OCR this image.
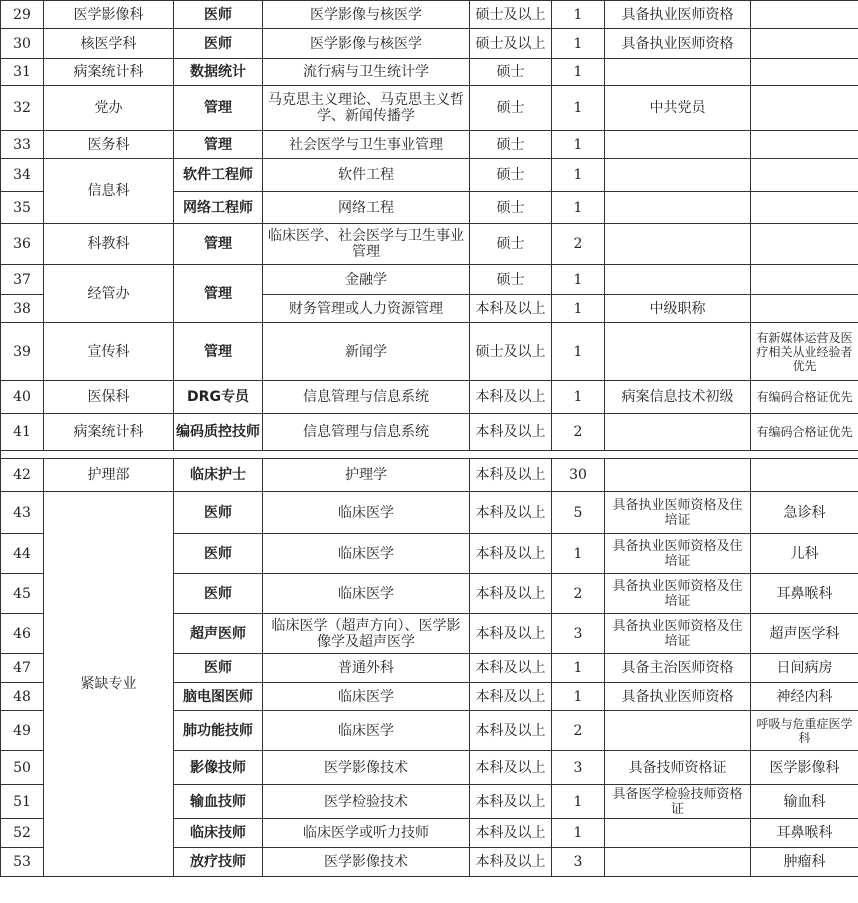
29	医学影像科	医师	医学影像与核医学	硕士及以上	1	具备执业医师资格	
30	核医学科	医师	医学影像与核医学	硕士及以上	1	具备执业医师资格	
31	病案统计科	数据统计	流行病与卫生统计学	硕士	1		
32	党办	管理	马克思主义理论、马克思主义哲学、新闻传播学	硕士	1	中共党员	
33	医务科	管理	社会医学与卫生事业管理	硕士	1		
34	信息科	软件工程师	软件工程	硕士	1		
35		网络工程师	网络工程	硕士	1		
36	科教科	管理	临床医学、社会医学与卫生事业管理	硕士	2		
37	经管办	管理	金融学	硕士	1		
38			财务管理或人力资源管理	本科及以上	1	中级职称	
39	宣传科	管理	新闻学	硕士及以上	1		有新媒体运营及医疗相关从业经验者优先
40	医保科	DRG专员	信息管理与信息系统	本科及以上	1	病案信息技术初级	有编码合格证优先
41	病案统计科	编码质控技师	信息管理与信息系统	本科及以上	2		有编码合格证优先

42	护理部	临床护士	护理学	本科及以上	30		
43	紧缺专业	医师	临床医学	本科及以上	5	具备执业医师资格及住培证	急诊科
44		医师	临床医学	本科及以上	1	具备执业医师资格及住培证	儿科
45		医师	临床医学	本科及以上	2	具备执业医师资格及住培证	耳鼻喉科
46		超声医师	临床医学（超声方向）、医学影像学及超声医学	本科及以上	3	具备执业医师资格及住培证	超声医学科
47		医师	普通外科	本科及以上	1	具备主治医师资格	日间病房
48		脑电图医师	临床医学	本科及以上	1	具备执业医师资格	神经内科
49		肺功能技师	临床医学	本科及以上	2		呼吸与危重症医学科
50		影像技师	医学影像技术	本科及以上	3	具备技师资格证	医学影像科
51		输血技师	医学检验技术	本科及以上	1	具备医学检验技师资格证	输血科
52		临床技师	临床医学或听力技师	本科及以上	1		耳鼻喉科
53		放疗技师	医学影像技术	本科及以上	3		肿瘤科
